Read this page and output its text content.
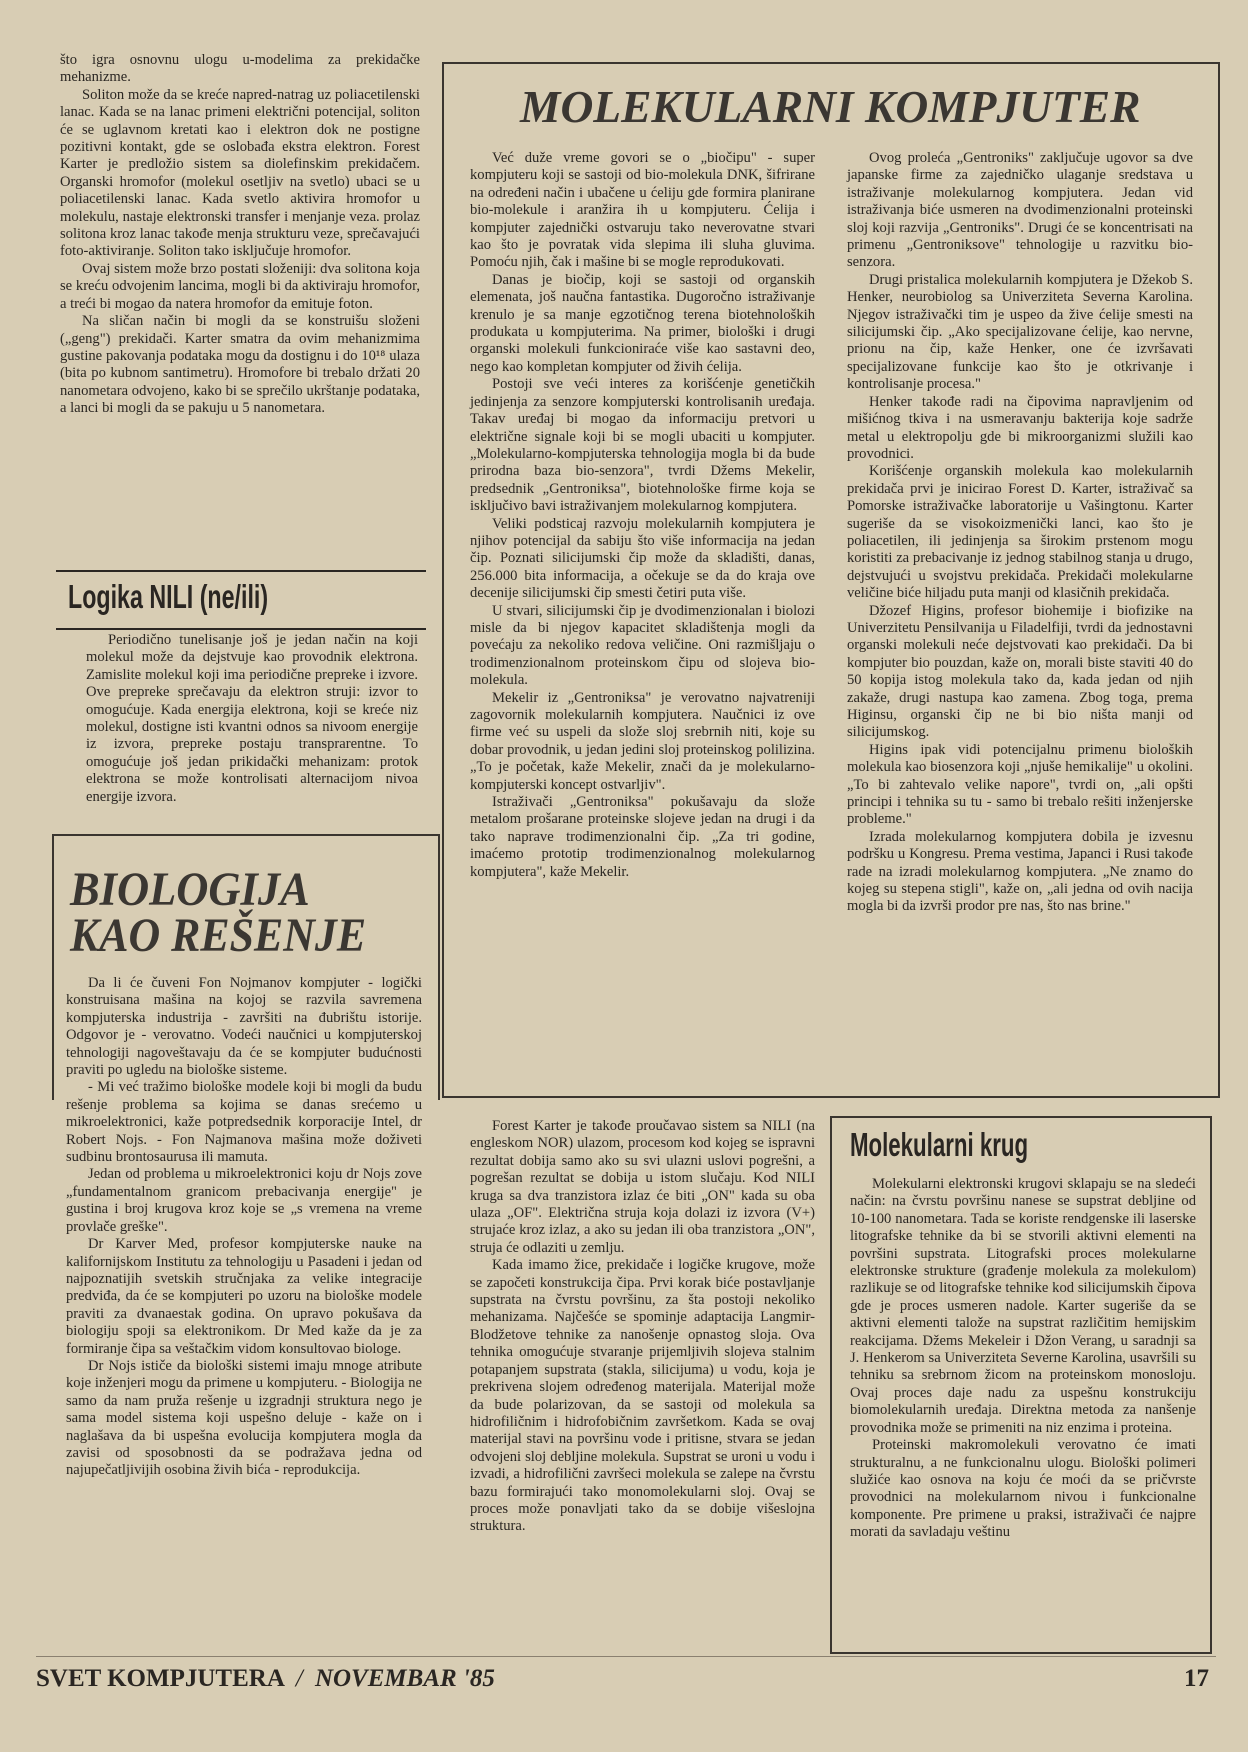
što igra osnovnu ulogu u-modelima za prekidačke mehanizme.

Soliton može da se kreće napred-natrag uz poliacetilenski lanac. Kada se na lanac primeni električni potencijal, soliton će se uglavnom kretati kao i elektron dok ne postigne pozitivni kontakt, gde se oslobađa ekstra elektron. Forest Karter je predložio sistem sa diolefinskim prekidačem. Organski hromofor (molekul osetljiv na svetlo) ubaci se u poliacetilenski lanac. Kada svetlo aktivira hromofor u molekulu, nastaje elektronski transfer i menjanje veza. prolaz solitona kroz lanac takođe menja strukturu veze, sprečavajući foto-aktiviranje. Soliton tako isključuje hromofor.

Ovaj sistem može brzo postati složeniji: dva solitona koja se kreću odvojenim lancima, mogli bi da aktiviraju hromofor, a treći bi mogao da natera hromofor da emituje foton.

Na sličan način bi mogli da se konstruišu složeni („geng") prekidači. Karter smatra da ovim mehanizmima gustine pakovanja podataka mogu da dostignu i do 10¹⁸ ulaza (bita po kubnom santimetru). Hromofore bi trebalo držati 20 nanometara odvojeno, kako bi se sprečilo ukrštanje podataka, a lanci bi mogli da se pakuju u 5 nanometara.

Logika NILI (ne/ili)

Periodično tunelisanje još je jedan način na koji molekul može da dejstvuje kao provodnik elektrona. Zamislite molekul koji ima periodične prepreke i izvore. Ove prepreke sprečavaju da elektron struji: izvor to omogućuje. Kada energija elektrona, koji se kreće niz molekul, dostigne isti kvantni odnos sa nivoom energije iz izvora, prepreke postaju transprarentne. To omogućuje još jedan prikidački mehanizam: protok elektrona se može kontrolisati alternacijom nivoa energije izvora.

BIOLOGIJA
KAO REŠENJE

Da li će čuveni Fon Nojmanov kompjuter - logički konstruisana mašina na kojoj se razvila savremena kompjuterska industrija - završiti na đubrištu istorije. Odgovor je - verovatno. Vodeći naučnici u kompjuterskoj tehnologiji nagoveštavaju da će se kompjuter budućnosti praviti po ugledu na biološke sisteme.

- Mi već tražimo biološke modele koji bi mogli da budu rešenje problema sa kojima se danas srećemo u mikroelektronici, kaže potpredsednik korporacije Intel, dr Robert Nojs. - Fon Najmanova mašina može doživeti sudbinu brontosaurusa ili mamuta.

Jedan od problema u mikroelektronici koju dr Nojs zove „fundamentalnom granicom prebacivanja energije" je gustina i broj krugova kroz koje se „s vremena na vreme provlače greške".

Dr Karver Med, profesor kompjuterske nauke na kalifornijskom Institutu za tehnologiju u Pasadeni i jedan od najpoznatijih svetskih stručnjaka za velike integracije predviđa, da će se kompjuteri po uzoru na biološke modele praviti za dvanaestak godina. On upravo pokušava da biologiju spoji sa elektronikom. Dr Med kaže da je za formiranje čipa sa veštačkim vidom konsultovao biologe.

Dr Nojs ističe da biološki sistemi imaju mnoge atribute koje inženjeri mogu da primene u kompjuteru. - Biologija ne samo da nam pruža rešenje u izgradnji struktura nego je sama model sistema koji uspešno deluje - kaže on i naglašava da bi uspešna evolucija kompjutera mogla da zavisi od sposobnosti da se podražava jedna od najupečatljivijih osobina živih bića - reprodukcija.

MOLEKULARNI KOMPJUTER

Već duže vreme govori se o „biočipu" - super kompjuteru koji se sastoji od bio-molekula DNK, šifrirane na određeni način i ubačene u ćeliju gde formira planirane bio-molekule i aranžira ih u kompjuteru. Ćelija i kompjuter zajednički ostvaruju tako neverovatne stvari kao što je povratak vida slepima ili sluha gluvima. Pomoću njih, čak i mašine bi se mogle reprodukovati.

Danas je biočip, koji se sastoji od organskih elemenata, još naučna fantastika. Dugoročno istraživanje krenulo je sa manje egzotičnog terena biotehnoloških produkata u kompjuterima. Na primer, biološki i drugi organski molekuli funkcioniraće više kao sastavni deo, nego kao kompletan kompjuter od živih ćelija.

Postoji sve veći interes za korišćenje genetičkih jedinjenja za senzore kompjuterski kontrolisanih uređaja. Takav uređaj bi mogao da informaciju pretvori u električne signale koji bi se mogli ubaciti u kompjuter. „Molekularno-kompjuterska tehnologija mogla bi da bude prirodna baza bio-senzora", tvrdi Džems Mekelir, predsednik „Gentroniksa", biotehnološke firme koja se isključivo bavi istraživanjem molekularnog kompjutera.

Veliki podsticaj razvoju molekularnih kompjutera je njihov potencijal da sabiju što više informacija na jedan čip. Poznati silicijumski čip može da skladišti, danas, 256.000 bita informacija, a očekuje se da do kraja ove decenije silicijumski čip smesti četiri puta više.

U stvari, silicijumski čip je dvodimenzionalan i biolozi misle da bi njegov kapacitet skladištenja mogli da povećaju za nekoliko redova veličine. Oni razmišljaju o trodimenzionalnom proteinskom čipu od slojeva bio-molekula.

Mekelir iz „Gentroniksa" je verovatno najvatreniji zagovornik molekularnih kompjutera. Naučnici iz ove firme već su uspeli da slože sloj srebrnih niti, koje su dobar provodnik, u jedan jedini sloj proteinskog polilizina. „To je početak, kaže Mekelir, znači da je molekularno-kompjuterski koncept ostvarljiv".

Istraživači „Gentroniksa" pokušavaju da slože metalom prošarane proteinske slojeve jedan na drugi i da tako naprave trodimenzionalni čip. „Za tri godine, imaćemo prototip trodimenzionalnog molekularnog kompjutera", kaže Mekelir.

Ovog proleća „Gentroniks" zaključuje ugovor sa dve japanske firme za zajedničko ulaganje sredstava u istraživanje molekularnog kompjutera. Jedan vid istraživanja biće usmeren na dvodimenzionalni proteinski sloj koji razvija „Gentroniks". Drugi će se koncentrisati na primenu „Gentroniksove" tehnologije u razvitku bio-senzora.

Drugi pristalica molekularnih kompjutera je Džekob S. Henker, neurobiolog sa Univerziteta Severna Karolina. Njegov istraživački tim je uspeo da žive ćelije smesti na silicijumski čip. „Ako specijalizovane ćelije, kao nervne, prionu na čip, kaže Henker, one će izvršavati specijalizovane funkcije kao što je otkrivanje i kontrolisanje procesa."

Henker takođe radi na čipovima napravljenim od mišićnog tkiva i na usmeravanju bakterija koje sadrže metal u elektropolju gde bi mikroorganizmi služili kao provodnici.

Korišćenje organskih molekula kao molekularnih prekidača prvi je inicirao Forest D. Karter, istraživač sa Pomorske istraživačke laboratorije u Vašingtonu. Karter sugeriše da se visokoizmenički lanci, kao što je poliacetilen, ili jedinjenja sa širokim prstenom mogu koristiti za prebacivanje iz jednog stabilnog stanja u drugo, dejstvujući u svojstvu prekidača. Prekidači molekularne veličine biće hiljadu puta manji od klasičnih prekidača.

Džozef Higins, profesor biohemije i biofizike na Univerzitetu Pensilvanija u Filadelfiji, tvrdi da jednostavni organski molekuli neće dejstvovati kao prekidači. Da bi kompjuter bio pouzdan, kaže on, morali biste staviti 40 do 50 kopija istog molekula tako da, kada jedan od njih zakaže, drugi nastupa kao zamena. Zbog toga, prema Higinsu, organski čip ne bi bio ništa manji od silicijumskog.

Higins ipak vidi potencijalnu primenu bioloških molekula kao biosenzora koji „njuše hemikalije" u okolini. „To bi zahtevalo velike napore", tvrdi on, „ali opšti principi i tehnika su tu - samo bi trebalo rešiti inženjerske probleme."

Izrada molekularnog kompjutera dobila je izvesnu podršku u Kongresu. Prema vestima, Japanci i Rusi takođe rade na izradi molekularnog kompjutera. „Ne znamo do kojeg su stepena stigli", kaže on, „ali jedna od ovih nacija mogla bi da izvrši prodor pre nas, što nas brine."

Forest Karter je takođe proučavao sistem sa NILI (na engleskom NOR) ulazom, procesom kod kojeg se ispravni rezultat dobija samo ako su svi ulazni uslovi pogrešni, a pogrešan rezultat se dobija u istom slučaju. Kod NILI kruga sa dva tranzistora izlaz će biti „ON" kada su oba ulaza „OF". Električna struja koja dolazi iz izvora (V+) strujaće kroz izlaz, a ako su jedan ili oba tranzistora „ON", struja će odlaziti u zemlju.

Kada imamo žice, prekidače i logičke krugove, može se započeti konstrukcija čipa. Prvi korak biće postavljanje supstrata na čvrstu površinu, za šta postoji nekoliko mehanizama. Najčešće se spominje adaptacija Langmir-Blodžetove tehnike za nanošenje opnastog sloja. Ova tehnika omogućuje stvaranje prijemljivih slojeva stalnim potapanjem supstrata (stakla, silicijuma) u vodu, koja je prekrivena slojem određenog materijala. Materijal može da bude polarizovan, da se sastoji od molekula sa hidrofiličnim i hidrofobičnim završetkom. Kada se ovaj materijal stavi na površinu vode i pritisne, stvara se jedan odvojeni sloj debljine molekula. Supstrat se uroni u vodu i izvadi, a hidrofilični završeci molekula se zalepe na čvrstu bazu formirajući tako monomolekularni sloj. Ovaj se proces može ponavljati tako da se dobije višeslojna struktura.

Molekularni krug

Molekularni elektronski krugovi sklapaju se na sledeći način: na čvrstu površinu nanese se supstrat debljine od 10-100 nanometara. Tada se koriste rendgenske ili laserske litografske tehnike da bi se stvorili aktivni elementi na površini supstrata. Litografski proces molekularne elektronske strukture (građenje molekula za molekulom) razlikuje se od litografske tehnike kod silicijumskih čipova gde je proces usmeren nadole. Karter sugeriše da se aktivni elementi talože na supstrat različitim hemijskim reakcijama. Džems Mekeleir i Džon Verang, u saradnji sa J. Henkerom sa Univerziteta Severne Karolina, usavršili su tehniku sa srebrnom žicom na proteinskom monosloju. Ovaj proces daje nadu za uspešnu konstrukciju biomolekularnih uređaja. Direktna metoda za nanšenje provodnika može se primeniti na niz enzima i proteina.

Proteinski makromolekuli verovatno će imati strukturalnu, a ne funkcionalnu ulogu. Biološki polimeri služiće kao osnova na koju će moći da se pričvrste provodnici na molekularnom nivou i funkcionalne komponente. Pre primene u praksi, istraživači će najpre morati da savladaju veštinu

SVET KOMPJUTERA / NOVEMBAR '85	17
